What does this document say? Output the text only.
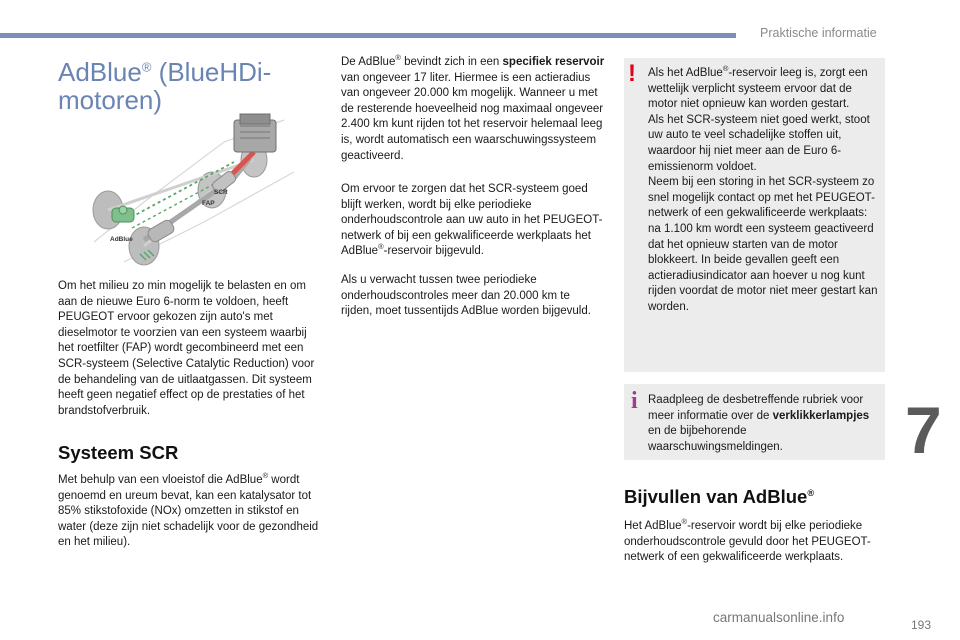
Praktische informatie
AdBlue® (BlueHDi-
motoren)
SCR
FAP
AdBlue

Om het milieu zo min mogelijk te belasten en om aan de nieuwe Euro 6-norm te voldoen, heeft PEUGEOT ervoor gekozen zijn auto's met dieselmotor te voorzien van een systeem waarbij het roetfilter (FAP) wordt gecombineerd met een SCR-systeem (Selective Catalytic Reduction) voor de behandeling van de uitlaatgassen. Dit systeem heeft geen negatief effect op de prestaties of het brandstofverbruik.

Systeem SCR

Met behulp van een vloeistof die AdBlue® wordt genoemd en ureum bevat, kan een katalysator tot 85% stikstofoxide (NOx) omzetten in stikstof en water (deze zijn niet schadelijk voor de gezondheid en het milieu).

De AdBlue® bevindt zich in een specifiek reservoir van ongeveer 17 liter. Hiermee is een actieradius van ongeveer 20.000 km mogelijk. Wanneer u met de resterende hoeveelheid nog maximaal ongeveer 2.400 km kunt rijden tot het reservoir helemaal leeg is, wordt automatisch een waarschuwingssysteem geactiveerd.

Om ervoor te zorgen dat het SCR-systeem goed blijft werken, wordt bij elke periodieke onderhoudscontrole aan uw auto in het PEUGEOT-netwerk of bij een gekwalificeerde werkplaats het AdBlue®-reservoir bijgevuld.

Als u verwacht tussen twee periodieke onderhoudscontroles meer dan 20.000 km te rijden, moet tussentijds AdBlue worden bijgevuld.

! Als het AdBlue®-reservoir leeg is, zorgt een wettelijk verplicht systeem ervoor dat de motor niet opnieuw kan worden gestart.
Als het SCR-systeem niet goed werkt, stoot uw auto te veel schadelijke stoffen uit, waardoor hij niet meer aan de Euro 6-emissienorm voldoet.
Neem bij een storing in het SCR-systeem zo snel mogelijk contact op met het PEUGEOT-netwerk of een gekwalificeerde werkplaats: na 1.100 km wordt een systeem geactiveerd dat het opnieuw starten van de motor blokkeert. In beide gevallen geeft een actieradiusindicator aan hoever u nog kunt rijden voordat de motor niet meer gestart kan worden.

i Raadpleeg de desbetreffende rubriek voor meer informatie over de verklikkerlampjes en de bijbehorende waarschuwingsmeldingen.

Bijvullen van AdBlue®

Het AdBlue®-reservoir wordt bij elke periodieke onderhoudscontrole gevuld door het PEUGEOT-netwerk of een gekwalificeerde werkplaats.

7
carmanualsonline.info	193
